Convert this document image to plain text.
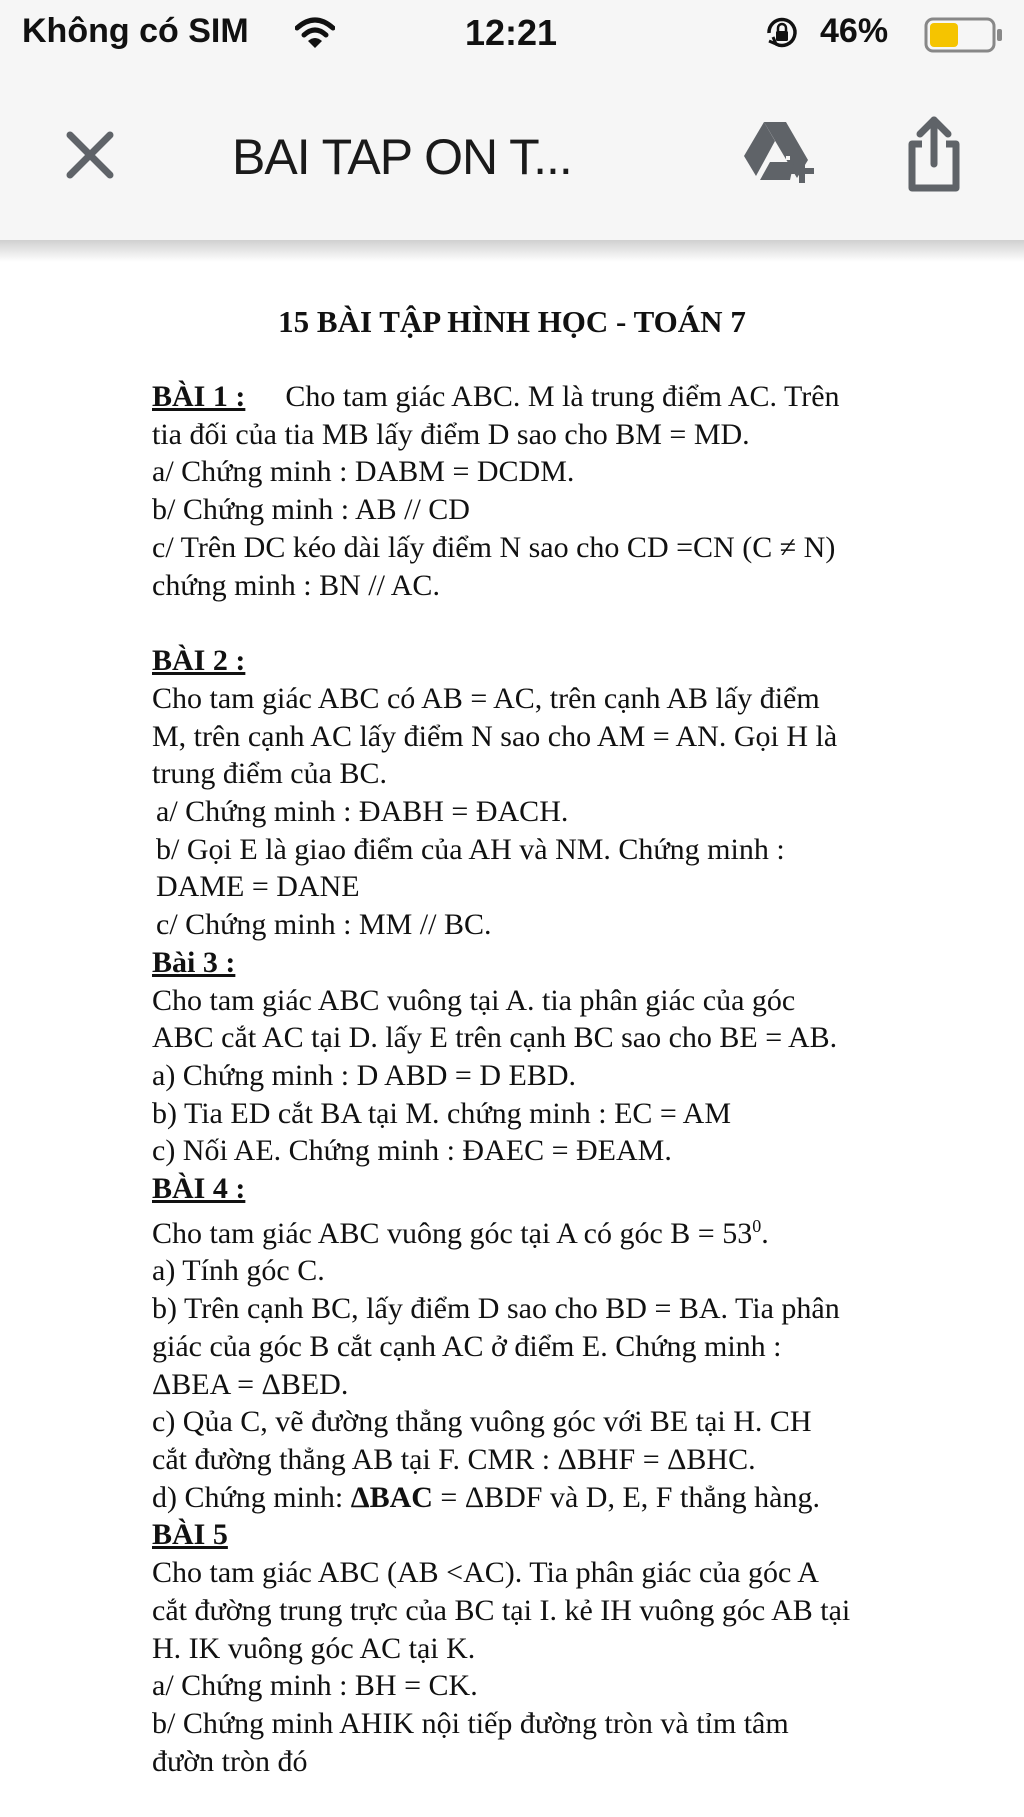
Không có SIM	12:21	46%
BAI TAP ON T...
15 BÀI TẬP HÌNH HỌC - TOÁN 7
BÀI 1 : Cho tam giác ABC. M là trung điểm AC. Trên
tia đối của tia MB lấy điểm D sao cho BM = MD.
a/ Chứng minh : DABM = DCDM.
b/ Chứng minh : AB // CD
c/ Trên DC kéo dài lấy điểm N sao cho CD =CN (C ≠ N)
chứng minh : BN // AC.
BÀI 2 :
Cho tam giác ABC có AB = AC, trên cạnh AB lấy điểm
M, trên cạnh AC lấy điểm N sao cho AM = AN. Gọi H là
trung điểm của BC.
a/ Chứng minh : ĐABH = ĐACH.
b/ Gọi E là giao điểm của AH và NM. Chứng minh :
DAME = DANE
c/ Chứng minh : MM // BC.
Bài 3 :
Cho tam giác ABC vuông tại A. tia phân giác của góc
ABC cắt AC tại D. lấy E trên cạnh BC sao cho BE = AB.
a) Chứng minh : D ABD = D EBD.
b) Tia ED cắt BA tại M. chứng minh : EC = AM
c) Nối AE. Chứng minh : ĐAEC = ĐEAM.
BÀI 4 :
Cho tam giác ABC vuông góc tại A có góc $B = 53^0$.
a) Tính góc C.
b) Trên cạnh BC, lấy điểm D sao cho BD = BA. Tia phân
giác của góc B cắt cạnh AC ở điểm E. Chứng minh :
ΔBEA = ΔBED.
c) Qủa C, vẽ đường thẳng vuông góc với BE tại H. CH
cắt đường thẳng AB tại F. CMR : ΔBHF = ΔBHC.
d) Chứng minh: ΔBAC = ΔBDF và D, E, F thẳng hàng.
BÀI 5
Cho tam giác ABC (AB <AC). Tia phân giác của góc A
cắt đường trung trực của BC tại I. kẻ IH vuông góc AB tại
H. IK vuông góc AC tại K.
a/ Chứng minh : BH = CK.
b/ Chứng minh AHIK nội tiếp đường tròn và tỉm tâm
đườn tròn đó
